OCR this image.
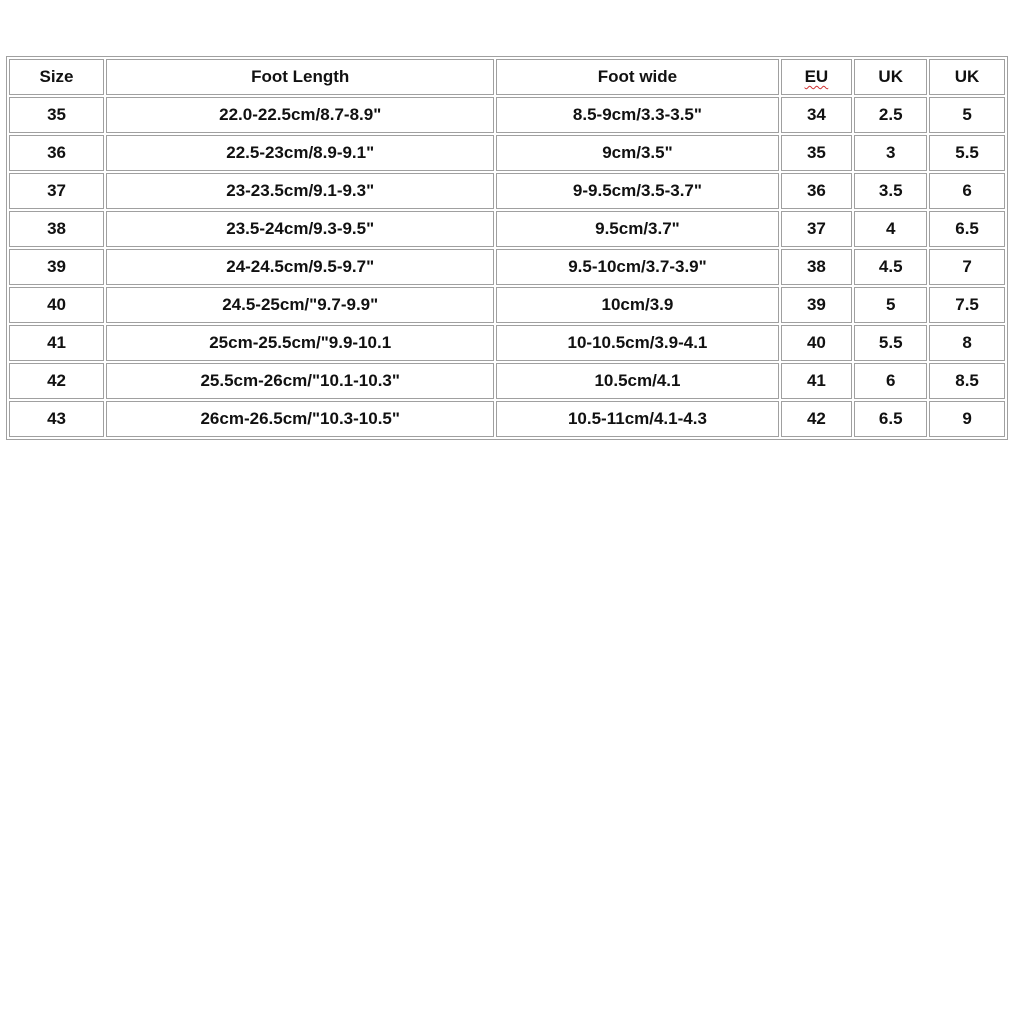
Size	Foot Length	Foot wide	EU	UK	UK
35	22.0-22.5cm/8.7-8.9"	8.5-9cm/3.3-3.5"	34	2.5	5
36	22.5-23cm/8.9-9.1"	9cm/3.5"	35	3	5.5
37	23-23.5cm/9.1-9.3"	9-9.5cm/3.5-3.7"	36	3.5	6
38	23.5-24cm/9.3-9.5"	9.5cm/3.7"	37	4	6.5
39	24-24.5cm/9.5-9.7"	9.5-10cm/3.7-3.9"	38	4.5	7
40	24.5-25cm/"9.7-9.9"	10cm/3.9	39	5	7.5
41	25cm-25.5cm/"9.9-10.1	10-10.5cm/3.9-4.1	40	5.5	8
42	25.5cm-26cm/"10.1-10.3"	10.5cm/4.1	41	6	8.5
43	26cm-26.5cm/"10.3-10.5"	10.5-11cm/4.1-4.3	42	6.5	9
